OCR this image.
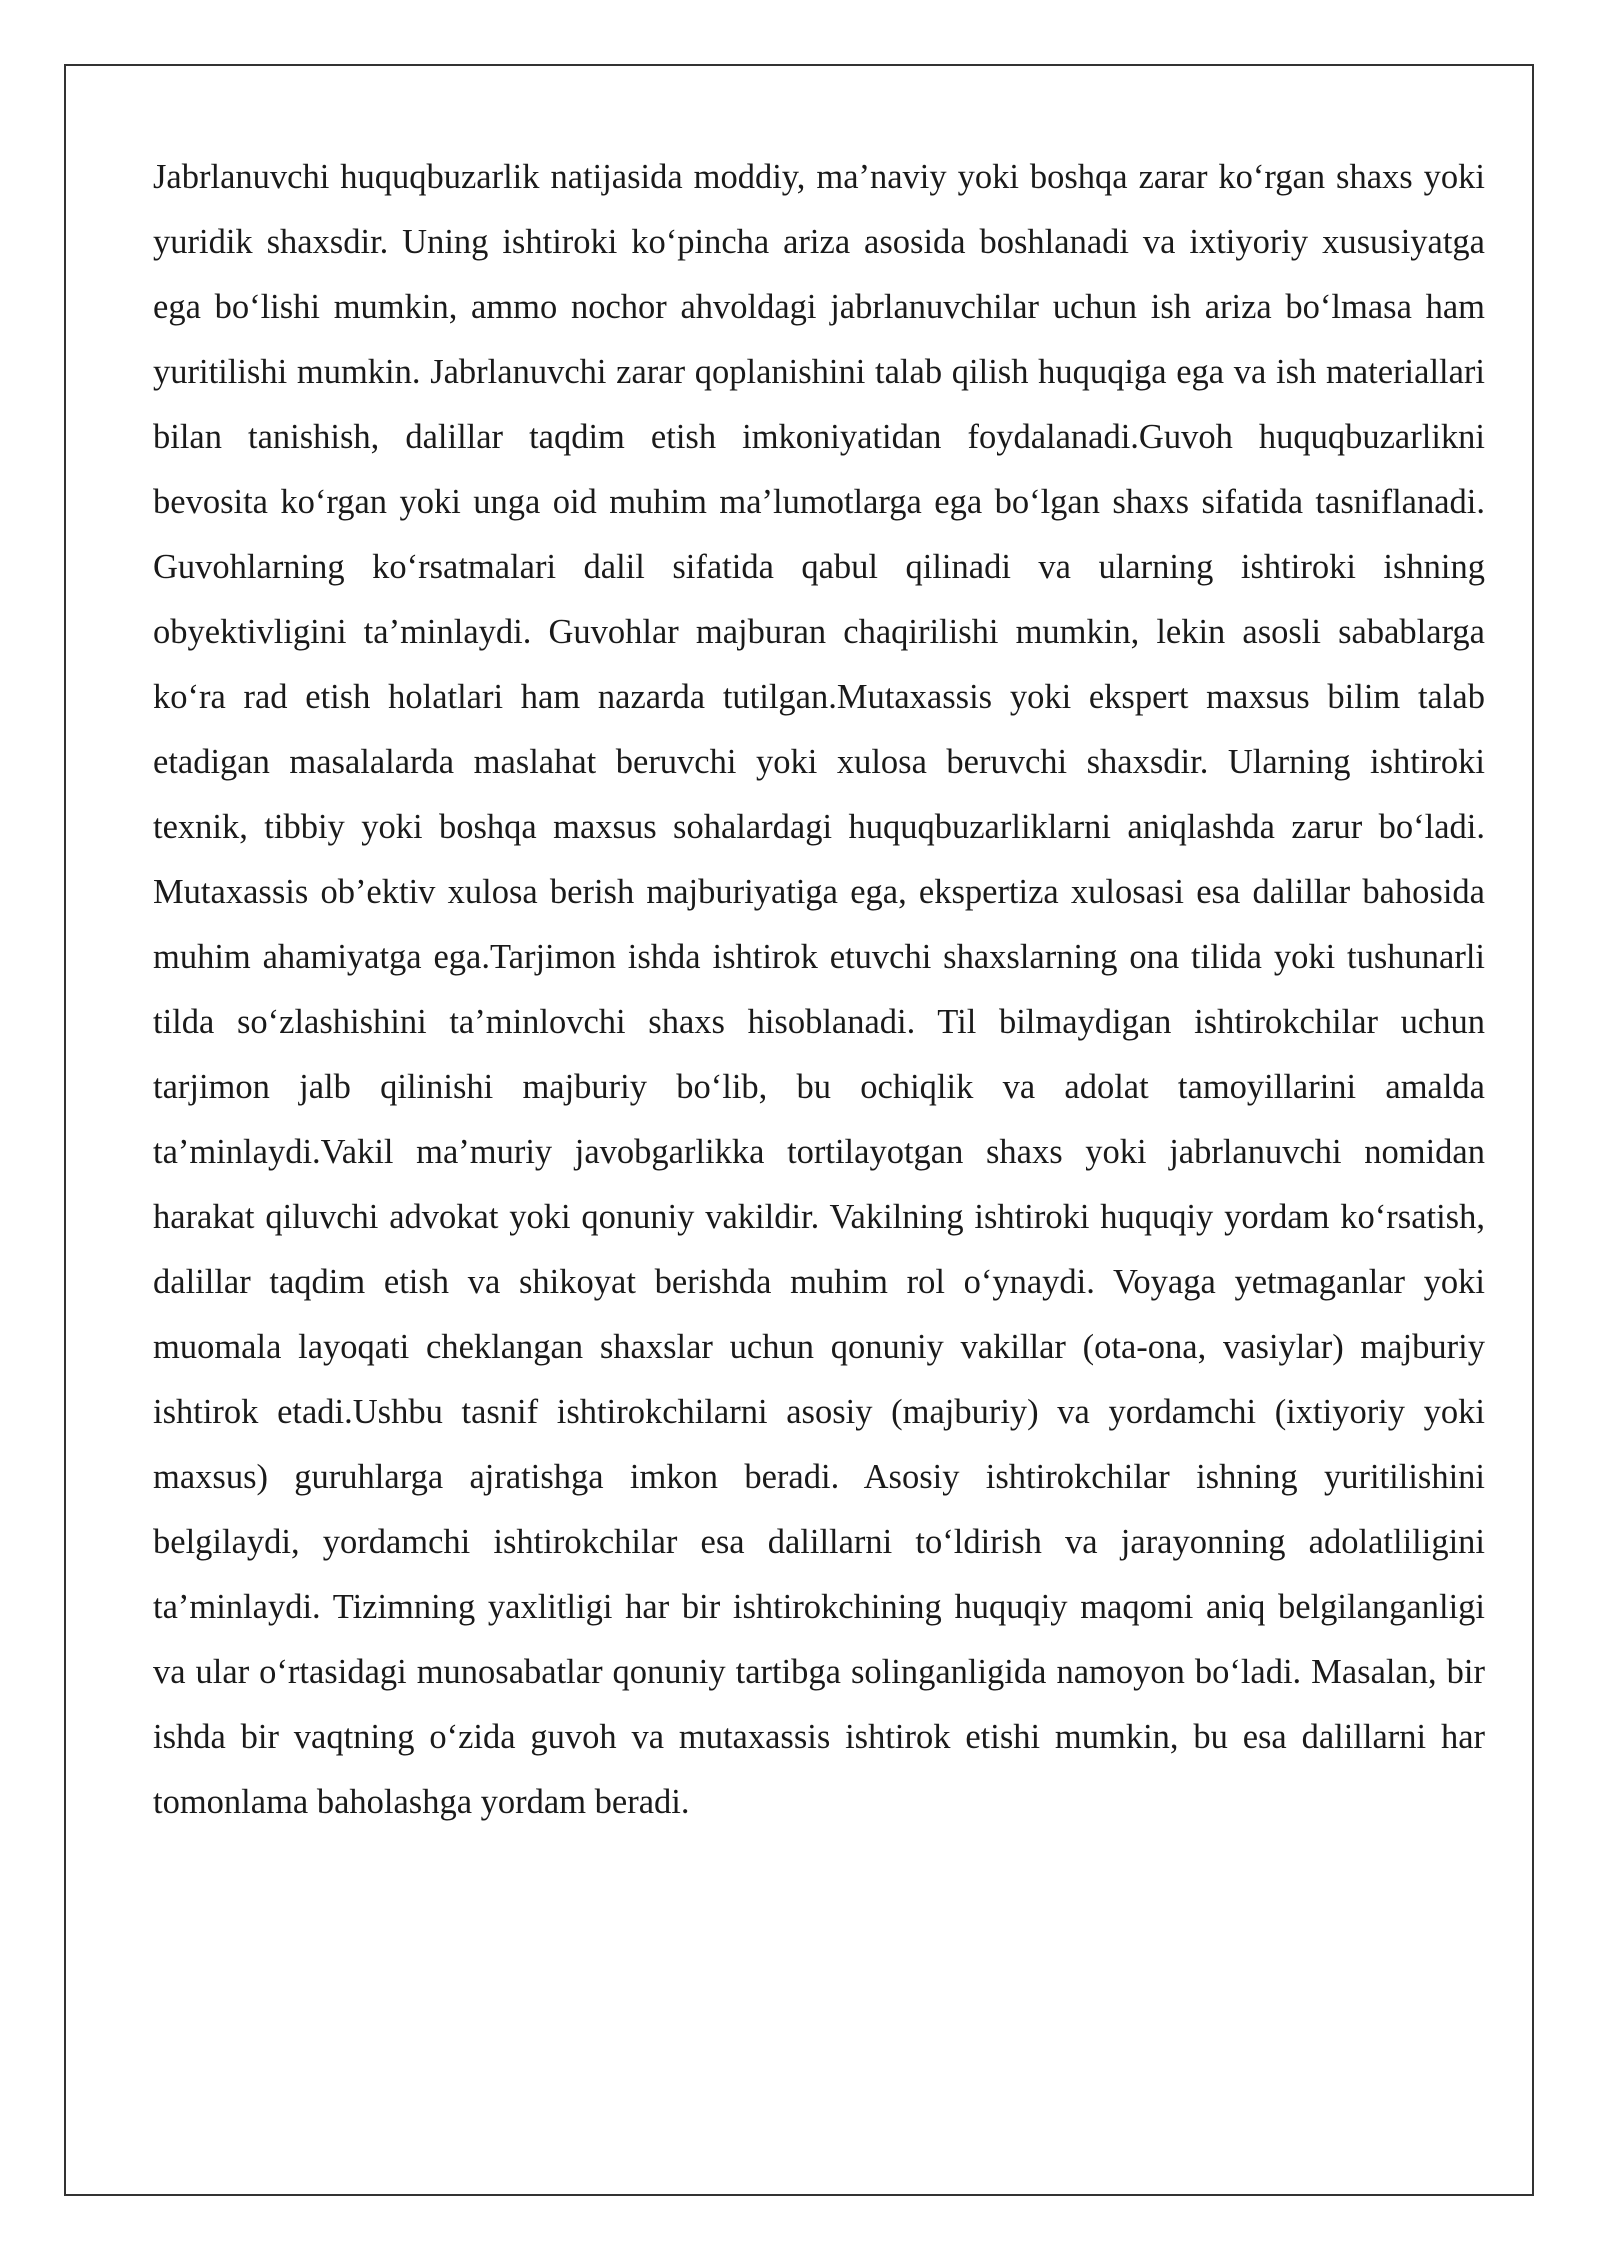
Jabrlanuvchi huquqbuzarlik natijasida moddiy, ma’naviy yoki boshqa zarar ko‘rgan shaxs yoki yuridik shaxsdir. Uning ishtiroki ko‘pincha ariza asosida boshlanadi va ixtiyoriy xususiyatga ega bo‘lishi mumkin, ammo nochor ahvoldagi jabrlanuvchilar uchun ish ariza bo‘lmasa ham yuritilishi mumkin. Jabrlanuvchi zarar qoplanishini talab qilish huquqiga ega va ish materiallari bilan tanishish, dalillar taqdim etish imkoniyatidan foydalanadi.Guvoh huquqbuzarlikni bevosita ko‘rgan yoki unga oid muhim ma’lumotlarga ega bo‘lgan shaxs sifatida tasniflanadi. Guvohlarning ko‘rsatmalari dalil sifatida qabul qilinadi va ularning ishtiroki ishning obyektivligini ta’minlaydi. Guvohlar majburan chaqirilishi mumkin, lekin asosli sabablarga ko‘ra rad etish holatlari ham nazarda tutilgan.Mutaxassis yoki ekspert maxsus bilim talab etadigan masalalarda maslahat beruvchi yoki xulosa beruvchi shaxsdir. Ularning ishtiroki texnik, tibbiy yoki boshqa maxsus sohalardagi huquqbuzarliklarni aniqlashda zarur bo‘ladi. Mutaxassis ob’ektiv xulosa berish majburiyatiga ega, ekspertiza xulosasi esa dalillar bahosida muhim ahamiyatga ega.Tarjimon ishda ishtirok etuvchi shaxslarning ona tilida yoki tushunarli tilda so‘zlashishini ta’minlovchi shaxs hisoblanadi. Til bilmaydigan ishtirokchilar uchun tarjimon jalb qilinishi majburiy bo‘lib, bu ochiqlik va adolat tamoyillarini amalda ta’minlaydi.Vakil ma’muriy javobgarlikka tortilayotgan shaxs yoki jabrlanuvchi nomidan harakat qiluvchi advokat yoki qonuniy vakildir. Vakilning ishtiroki huquqiy yordam ko‘rsatish, dalillar taqdim etish va shikoyat berishda muhim rol o‘ynaydi. Voyaga yetmaganlar yoki muomala layoqati cheklangan shaxslar uchun qonuniy vakillar (ota-ona, vasiylar) majburiy ishtirok etadi.Ushbu tasnif ishtirokchilarni asosiy (majburiy) va yordamchi (ixtiyoriy yoki maxsus) guruhlarga ajratishga imkon beradi. Asosiy ishtirokchilar ishning yuritilishini belgilaydi, yordamchi ishtirokchilar esa dalillarni to‘ldirish va jarayonning adolatliligini ta’minlaydi. Tizimning yaxlitligi har bir ishtirokchining huquqiy maqomi aniq belgilanganligi va ular o‘rtasidagi munosabatlar qonuniy tartibga solinganligida namoyon bo‘ladi. Masalan, bir ishda bir vaqtning o‘zida guvoh va mutaxassis ishtirok etishi mumkin, bu esa dalillarni har tomonlama baholashga yordam beradi.
